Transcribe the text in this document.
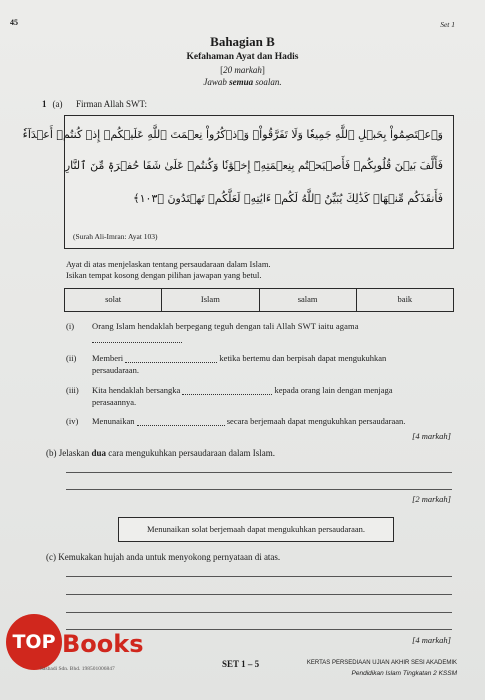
45	Set 1
Bahagian B
Kefahaman Ayat dan Hadis
[20 markah]
Jawab semua soalan.
1 (a) Firman Allah SWT:
وَٱعۡتَصِمُواْ بِحَبۡلِ ٱللَّهِ جَمِيعٗا وَلَا تَفَرَّقُواْۚ وَٱذۡكُرُواْ نِعۡمَتَ ٱللَّهِ عَلَيۡكُمۡ إِذۡ كُنتُمۡ أَعۡدَآءٗ
فَأَلَّفَ بَيۡنَ قُلُوبِكُمۡ فَأَصۡبَحۡتُم بِنِعۡمَتِهِۦٓ إِخۡوَٰنٗا وَكُنتُمۡ عَلَىٰ شَفَا حُفۡرَةٖ مِّنَ ٱلنَّارِ
فَأَنقَذَكُم مِّنۡهَاۗ كَذَٰلِكَ يُبَيِّنُ ٱللَّهُ لَكُمۡ ءَايَٰتِهِۦ لَعَلَّكُمۡ تَهۡتَدُونَ ﴿١٠٣﴾
(Surah Ali-Imran: Ayat 103)
Ayat di atas menjelaskan tentang persaudaraan dalam Islam.
Isikan tempat kosong dengan pilihan jawapan yang betul.
solat	Islam	salam	baik
(i) Orang Islam hendaklah berpegang teguh dengan tali Allah SWT iaitu agama
(ii) Memberi	ketika bertemu dan berpisah dapat mengukuhkan
persaudaraan.
(iii) Kita hendaklah bersangka	kepada orang lain dengan menjaga
perasaannya.
(iv) Menunaikan	secara berjemaah dapat mengukuhkan persaudaraan.
[4 markah]
(b) Jelaskan dua cara mengukuhkan persaudaraan dalam Islam.
[2 markah]
Menunaikan solat berjemaah dapat mengukuhkan persaudaraan.
(c) Kemukakan hujah anda untuk menyokong pernyataan di atas.
[4 markah]
TOP Books
Sasbadi Sdn. Bhd. 198501006847	SET 1 – 5	KERTAS PERSEDIAAN UJIAN AKHIR SESI AKADEMIK
Pendidikan Islam Tingkatan 2 KSSM
